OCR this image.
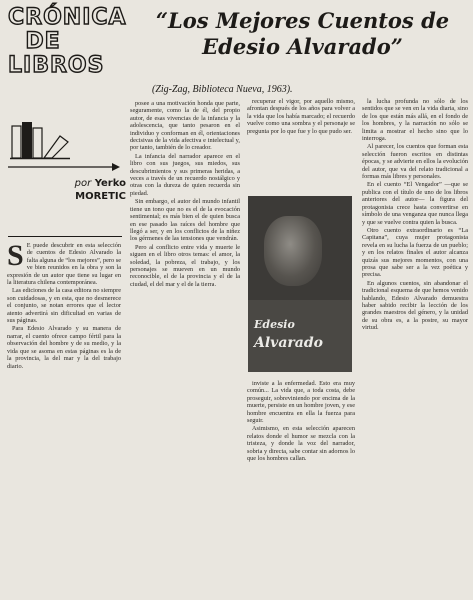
CRÓNICA
DE
LIBROS
por Yerko
MORETIC
“Los Mejores Cuentos de Edesio Alvarado”
(Zig-Zag, Biblioteca Nueva, 1963).

S E puede descubrir en esta selección de cuentos de Edesio Alvarado la falta alguna de “los mejores”, pero se ve bien reunidos en la obra y son la expresión de un autor que tiene su lugar en la literatura chilena contemporánea.

Las ediciones de la casa editora no siempre son cuidadosas, y en esta, que no desmerece el conjunto, se notan errores que el lector atento advertirá sin dificultad en varias de sus páginas.

Para Edesio Alvarado y su manera de narrar, el cuento ofrece campo fértil para la observación del hombre y de su medio, y la vida que se asoma en estas páginas es la de la provincia, la del mar y la del trabajo diario.

posee a una motivación honda que parte, seguramente, como la de él, del propio autor, de esas vivencias de la infancia y la adolescencia, que tanto pesaron en el individuo y conforman en él, orientaciones decisivas de la vida afectiva e intelectual y, por tanto, también de lo creador.

La infancia del narrador aparece en el libro con sus juegos, sus miedos, sus descubrimientos y sus primeras heridas, a veces a través de un recuerdo nostálgico y otras con la dureza de quien recuerda sin piedad.

Sin embargo, el autor del mundo infantil tiene un tono que no es el de la evocación sentimental; es más bien el de quien busca en ese pasado las raíces del hombre que llegó a ser, y en los conflictos de la niñez los gérmenes de las tensiones que vendrán.

Pero al conflicto entre vida y muerte le siguen en el libro otros temas: el amor, la soledad, la pobreza, el trabajo, y los personajes se mueven en un mundo reconocible, el de la provincia y el de la ciudad, el del mar y el de la tierra.

recuperar el vigor, por aquello mismo, afrontan después de los años para volver a la vida que los había marcado; el recuerdo vuelve como una sombra y el personaje se pregunta por lo que fue y lo que pudo ser.

Edesio
Alvarado

inviste a la enfermedad. Esto era muy común... La vida que, a toda costa, debe proseguir, sobreviniendo por encima de la muerte, persiste en un hombre joven, y ese hombre encuentra en ella la fuerza para seguir.

Asimismo, en esta selección aparecen relatos donde el humor se mezcla con la tristeza, y donde la voz del narrador, sobria y directa, sabe contar sin adornos lo que los hombres callan.

la lucha profunda no sólo de los sentidos que se ven en la vida diaria, sino de los que están más allá, en el fondo de los hombres, y la narración no sólo se limita a mostrar el hecho sino que lo interroga.

Al parecer, los cuentos que forman esta selección fueron escritos en distintas épocas, y se advierte en ellos la evolución del autor, que va del relato tradicional a formas más libres y personales.

En el cuento “El Vengador” —que se publica con el título de uno de los libros anteriores del autor— la figura del protagonista crece hasta convertirse en símbolo de una venganza que nunca llega y que se vuelve contra quien la busca.

Otro cuento extraordinario es “La Capitana”, cuya mujer protagonista revela en su lucha la fuerza de un pueblo; y en los relatos finales el autor alcanza quizás sus mejores momentos, con una prosa que sabe ser a la vez poética y precisa.

En algunos cuentos, sin abandonar el tradicional esquema de que hemos venido hablando, Edesio Alvarado demuestra haber sabido recibir la lección de los grandes maestros del género, y la unidad de su obra es, a la postre, su mayor virtud.
